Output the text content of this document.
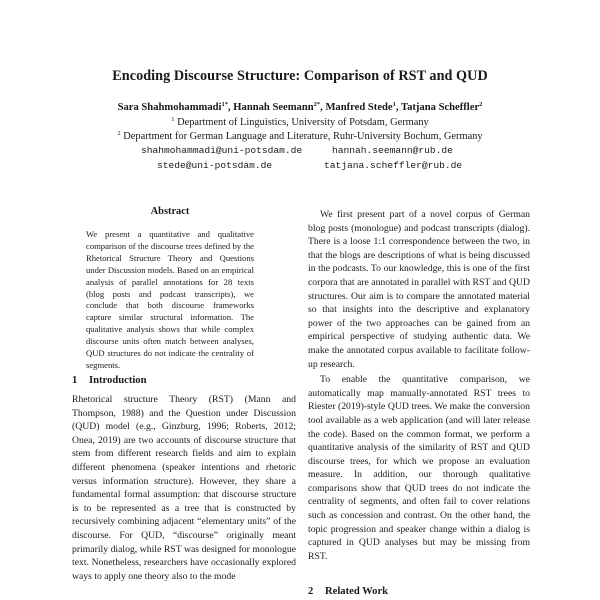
Encoding Discourse Structure: Comparison of RST and QUD
Sara Shahmohammadi$^{1*}$, Hannah Seemann$^{2*}$, Manfred Stede$^1$, Tatjana Scheffler$^2$
$^1$ Department of Linguistics, University of Potsdam, Germany
$^2$ Department for German Language and Literature, Ruhr-University Bochum, Germany
shahmohammadi@uni-potsdam.de	hannah.seemann@rub.de
stede@uni-potsdam.de	tatjana.scheffler@rub.de
Abstract

We present a quantitative and qualitative comparison of the discourse trees defined by the Rhetorical Structure Theory and Questions under Discussion models. Based on an empirical analysis of parallel annotations for 28 texts (blog posts and podcast transcripts), we conclude that both discourse frameworks capture similar structural information. The qualitative analysis shows that while complex discourse units often match between analyses, QUD structures do not indicate the centrality of segments.

1 Introduction

Rhetorical structure Theory (RST) (Mann and Thompson, 1988) and the Question under Discussion (QUD) model (e.g., Ginzburg, 1996; Roberts, 2012; Onea, 2019) are two accounts of discourse structure that stem from different research fields and aim to explain different phenomena (speaker intentions and rhetoric versus information structure). However, they share a fundamental formal assumption: that discourse structure is to be represented as a tree that is constructed by recursively combining adjacent “elementary units” of the discourse. For QUD, “discourse” originally meant primarily dialog, while RST was designed for monologue text. Nonetheless, researchers have occasionally explored ways to apply one theory also to the mode

We first present part of a novel corpus of German blog posts (monologue) and podcast transcripts (dialog). There is a loose 1:1 correspondence between the two, in that the blogs are descriptions of what is being discussed in the podcasts. To our knowledge, this is one of the first corpora that are annotated in parallel with RST and QUD structures. Our aim is to compare the annotated material so that insights into the descriptive and explanatory power of the two approaches can be gained from an empirical perspective of studying authentic data. We make the annotated corpus available to facilitate follow-up research.

To enable the quantitative comparison, we automatically map manually-annotated RST trees to Riester (2019)-style QUD trees. We make the conversion tool available as a web application (and will later release the code). Based on the common format, we perform a quantitative analysis of the similarity of RST and QUD discourse trees, for which we propose an evaluation measure. In addition, our thorough qualitative comparisons show that QUD trees do not indicate the centrality of segments, and often fail to cover relations such as concession and contrast. On the other hand, the topic progression and speaker change within a dialog is captured in QUD analyses but may be missing from RST.

2 Related Work
